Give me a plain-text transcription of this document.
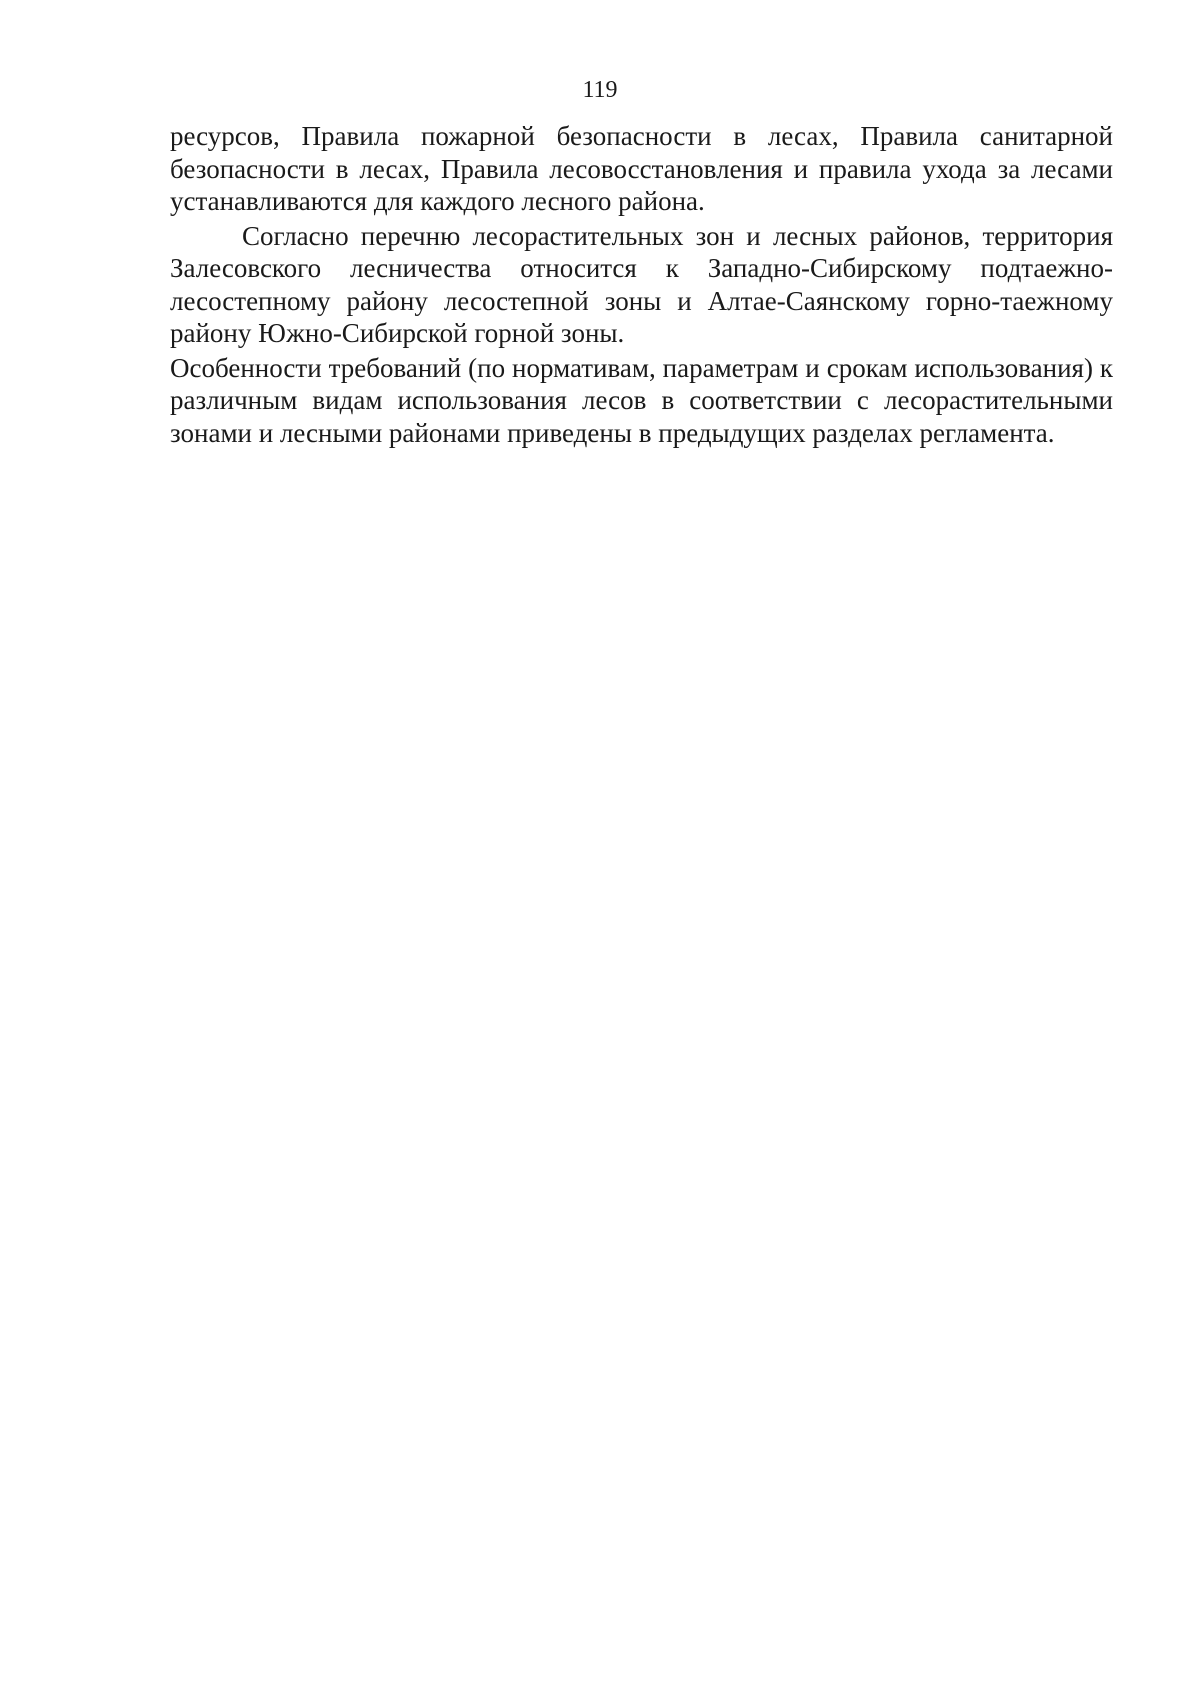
119

ресурсов, Правила пожарной безопасности в лесах, Правила санитарной безопасности в лесах, Правила лесовосстановления и правила ухода за лесами устанавливаются для каждого лесного района.

Согласно перечню лесорастительных зон и лесных районов, территория Залесовского лесничества относится к Западно-Сибирскому подтаежно-лесостепному району лесостепной зоны и Алтае-Саянскому горно-таежному району Южно-Сибирской горной зоны.

Особенности требований (по нормативам, параметрам и срокам использования) к различным видам использования лесов в соответствии с лесорастительными зонами и лесными районами приведены в предыдущих разделах регламента.
